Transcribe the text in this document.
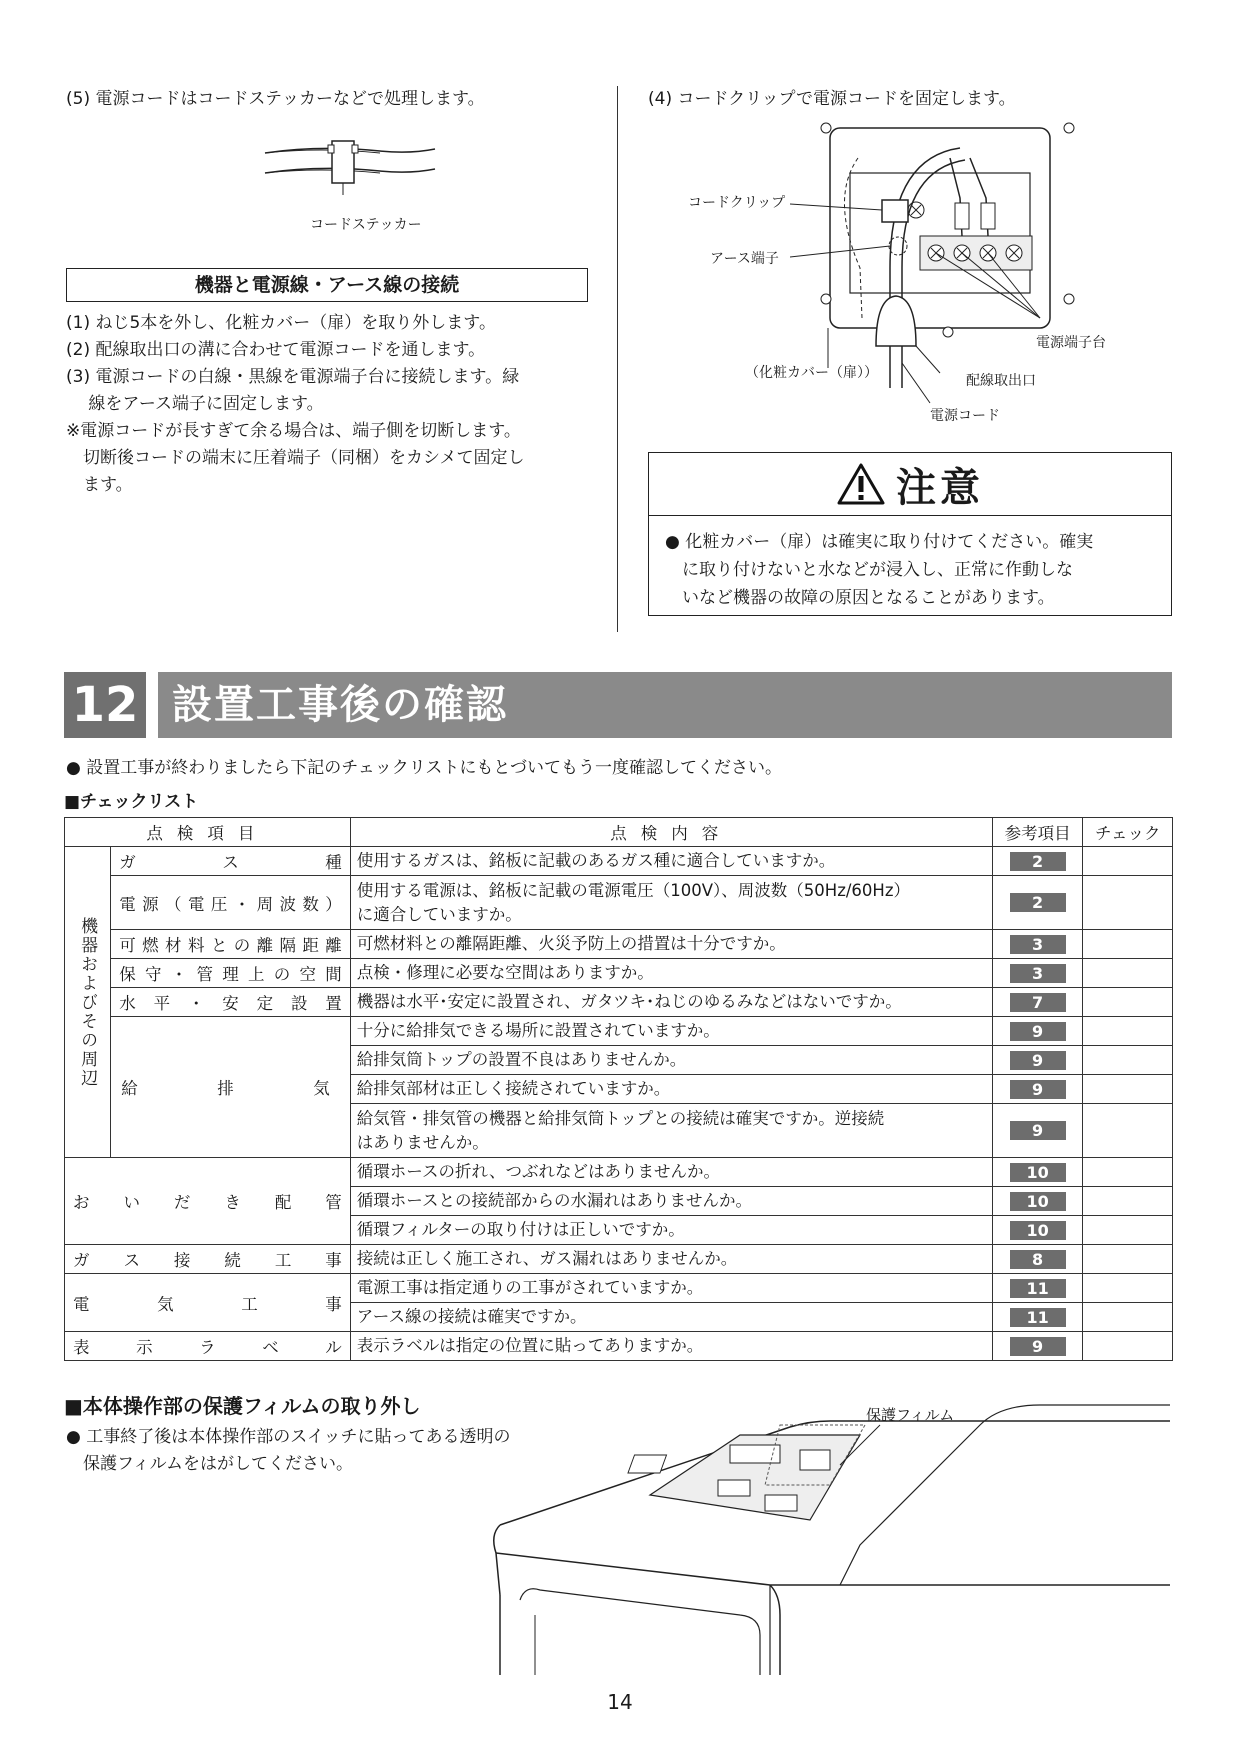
(5) 電源コードはコードステッカーなどで処理します。
コードステッカー
機器と電源線・アース線の接続
(1) ねじ5本を外し、化粧カバー（扉）を取り外します。
(2) 配線取出口の溝に合わせて電源コードを通します。
(3) 電源コードの白線・黒線を電源端子台に接続します。緑
　 線をアース端子に固定します。
※電源コードが長すぎて余る場合は、端子側を切断します。
　切断後コードの端末に圧着端子（同梱）をカシメて固定し
　ます。
(4) コードクリップで電源コードを固定します。
コードクリップ
アース端子
電源端子台
（化粧カバー（扉））	配線取出口
電源コード
注意
● 化粧カバー（扉）は確実に取り付けてください。確実
　に取り付けないと水などが浸入し、正常に作動しな
　いなど機器の故障の原因となることがあります。
12 設置工事後の確認
● 設置工事が終わりましたら下記のチェックリストにもとづいてもう一度確認してください。
■チェックリスト
点検項目		点検内容	参考項目	チェック

機器およびその周辺	ガス種	使用するガスは、銘板に記載のあるガス種に適合していますか。	2	

	電源（電圧・周波数）	使用する電源は、銘板に記載の電源電圧（100V）、周波数（50Hz/60Hz）
に適合していますか。	2	

	可燃材料との離隔距離	可燃材料との離隔距離、火災予防上の措置は十分ですか。	3	

	保守・管理上の空間	点検・修理に必要な空間はありますか。	3	

	水平・安定設置	機器は水平･安定に設置され、ガタツキ･ねじのゆるみなどはないですか。	7	

	給排気	十分に給排気できる場所に設置されていますか。	9	

		給排気筒トップの設置不良はありませんか。	9	

		給排気部材は正しく接続されていますか。	9	

		給気管・排気管の機器と給排気筒トップとの接続は確実ですか。逆接続
はありませんか。	9	

おいだき配管		循環ホースの折れ、つぶれなどはありませんか。	10	

		循環ホースとの接続部からの水漏れはありませんか。	10	

		循環フィルターの取り付けは正しいですか。	10	

ガス接続工事		接続は正しく施工され、ガス漏れはありませんか。	8	

電気工事		電源工事は指定通りの工事がされていますか。	11	

		アース線の接続は確実ですか。	11	

表示ラベル		表示ラベルは指定の位置に貼ってありますか。	9	

■本体操作部の保護フィルムの取り外し
● 工事終了後は本体操作部のスイッチに貼ってある透明の
　保護フィルムをはがしてください。
保護フィルム
14
